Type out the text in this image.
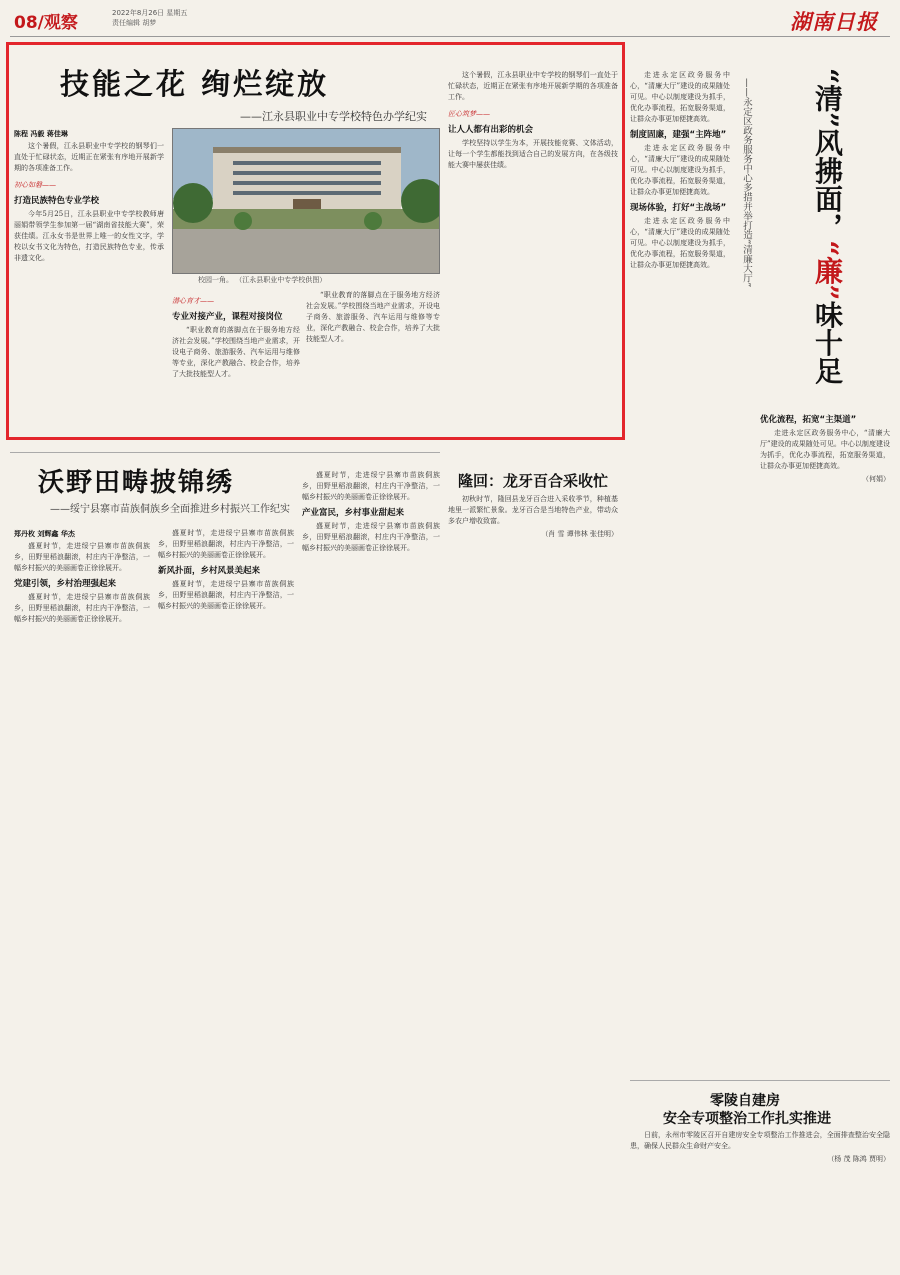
08/观察	2022年8月26日 星期五
责任编辑 胡梦	湖南日报
技能之花 绚烂绽放
——江永县职业中专学校特色办学纪实

陈程 冯毅 蒋佳琳

这个暑假，江永县职业中专学校的钢琴们一直处于忙碌状态，近期正在紧张有序地开展新学期的各项准备工作。

初心如磐——

打造民族特色专业学校

今年5月25日，江永县职业中专学校教师唐丽娟带领学生参加第一届“湖南省技能大赛”，荣获佳绩。江永女书是世界上唯一的女性文字，学校以女书文化为特色，打造民族特色专业，传承非遗文化。

校园一角。 （江永县职业中专学校供图）

潜心育才——

专业对接产业，课程对接岗位

“职业教育的落脚点在于服务地方经济社会发展。”学校围绕当地产业需求，开设电子商务、旅游服务、汽车运用与维修等专业，深化产教融合、校企合作，培养了大批技能型人才。

“职业教育的落脚点在于服务地方经济社会发展。”学校围绕当地产业需求，开设电子商务、旅游服务、汽车运用与维修等专业，深化产教融合、校企合作，培养了大批技能型人才。

这个暑假，江永县职业中专学校的钢琴们一直处于忙碌状态，近期正在紧张有序地开展新学期的各项准备工作。

匠心筑梦——

让人人都有出彩的机会

学校坚持以学生为本，开展技能竞赛、文体活动，让每一个学生都能找到适合自己的发展方向，在各级技能大赛中屡获佳绩。

走进永定区政务服务中心，“清廉大厅”建设的成果随处可见。中心以制度建设为抓手，优化办事流程，拓宽服务渠道，让群众办事更加便捷高效。

制度固廉，建强“主阵地”

走进永定区政务服务中心，“清廉大厅”建设的成果随处可见。中心以制度建设为抓手，优化办事流程，拓宽服务渠道，让群众办事更加便捷高效。

现场体验，打好“主战场”

走进永定区政务服务中心，“清廉大厅”建设的成果随处可见。中心以制度建设为抓手，优化办事流程，拓宽服务渠道，让群众办事更加便捷高效。	——永定区政务服务中心多措并举打造“清廉大厅”	“清”风拂面，“廉”味十足

优化流程，拓宽“主渠道”

走进永定区政务服务中心，“清廉大厅”建设的成果随处可见。中心以制度建设为抓手，优化办事流程，拓宽服务渠道，让群众办事更加便捷高效。

（何娟）

沃野田畴披锦绣
——绥宁县寨市苗族侗族乡全面推进乡村振兴工作纪实

郑丹枚 刘辉鑫 华杰

盛夏时节，走进绥宁县寨市苗族侗族乡，田野里稻浪翻滚，村庄内干净整洁，一幅乡村振兴的美丽画卷正徐徐展开。

党建引领，乡村治理强起来

盛夏时节，走进绥宁县寨市苗族侗族乡，田野里稻浪翻滚，村庄内干净整洁，一幅乡村振兴的美丽画卷正徐徐展开。

盛夏时节，走进绥宁县寨市苗族侗族乡，田野里稻浪翻滚，村庄内干净整洁，一幅乡村振兴的美丽画卷正徐徐展开。

新风扑面，乡村风景美起来

盛夏时节，走进绥宁县寨市苗族侗族乡，田野里稻浪翻滚，村庄内干净整洁，一幅乡村振兴的美丽画卷正徐徐展开。

盛夏时节，走进绥宁县寨市苗族侗族乡，田野里稻浪翻滚，村庄内干净整洁，一幅乡村振兴的美丽画卷正徐徐展开。

产业富民，乡村事业甜起来

盛夏时节，走进绥宁县寨市苗族侗族乡，田野里稻浪翻滚，村庄内干净整洁，一幅乡村振兴的美丽画卷正徐徐展开。

隆回：龙牙百合采收忙

初秋时节，隆回县龙牙百合进入采收季节，种植基地里一派繁忙景象。龙牙百合是当地特色产业，带动众多农户增收致富。

（肖 雪 谭伟林 张佳明）

零陵自建房
安全专项整治工作扎实推进

日前，永州市零陵区召开自建房安全专项整治工作推进会，全面排查整治安全隐患，确保人民群众生命财产安全。

（杨 茂 陈鸿 贾明）
